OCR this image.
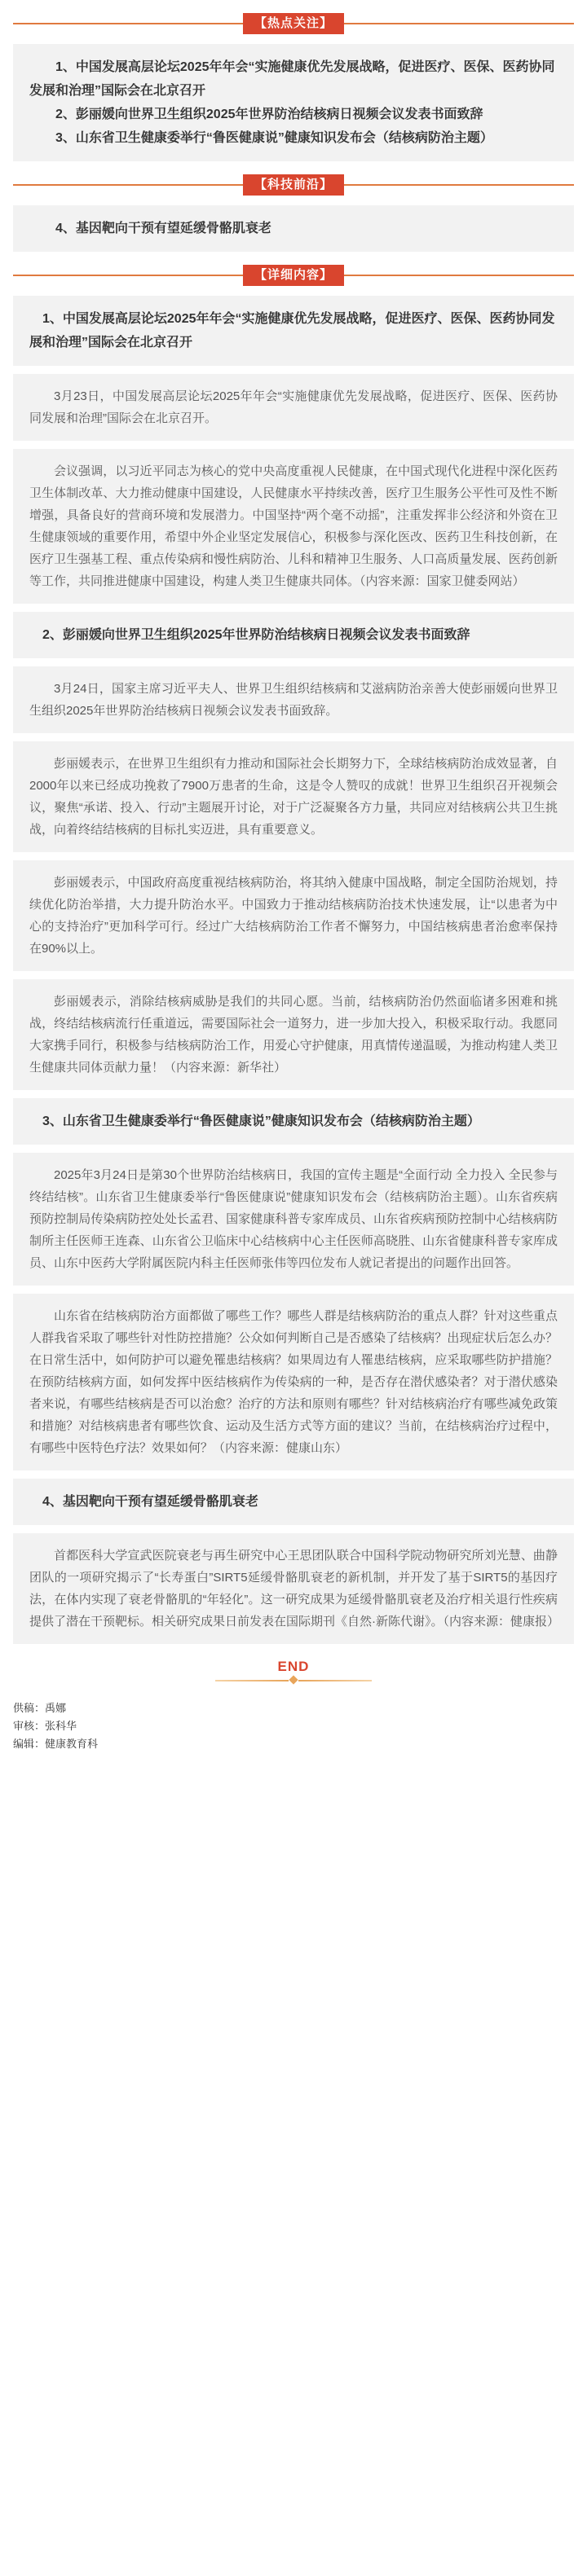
【热点关注】

1、中国发展高层论坛2025年年会“实施健康优先发展战略，促进医疗、医保、医药协同发展和治理”国际会在北京召开

2、彭丽媛向世界卫生组织2025年世界防治结核病日视频会议发表书面致辞

3、山东省卫生健康委举行“鲁医健康说”健康知识发布会（结核病防治主题）

【科技前沿】

4、基因靶向干预有望延缓骨骼肌衰老

【详细内容】

1、中国发展高层论坛2025年年会“实施健康优先发展战略，促进医疗、医保、医药协同发展和治理”国际会在北京召开

3月23日，中国发展高层论坛2025年年会“实施健康优先发展战略，促进医疗、医保、医药协同发展和治理”国际会在北京召开。

会议强调，以习近平同志为核心的党中央高度重视人民健康，在中国式现代化进程中深化医药卫生体制改革、大力推动健康中国建设，人民健康水平持续改善，医疗卫生服务公平性可及性不断增强，具备良好的营商环境和发展潜力。中国坚持“两个毫不动摇”，注重发挥非公经济和外资在卫生健康领域的重要作用，希望中外企业坚定发展信心，积极参与深化医改、医药卫生科技创新，在医疗卫生强基工程、重点传染病和慢性病防治、儿科和精神卫生服务、人口高质量发展、医药创新等工作，共同推进健康中国建设，构建人类卫生健康共同体。（内容来源：国家卫健委网站）

2、彭丽媛向世界卫生组织2025年世界防治结核病日视频会议发表书面致辞

3月24日，国家主席习近平夫人、世界卫生组织结核病和艾滋病防治亲善大使彭丽媛向世界卫生组织2025年世界防治结核病日视频会议发表书面致辞。

彭丽媛表示，在世界卫生组织有力推动和国际社会长期努力下，全球结核病防治成效显著，自2000年以来已经成功挽救了7900万患者的生命，这是令人赞叹的成就！世界卫生组织召开视频会议，聚焦“承诺、投入、行动”主题展开讨论，对于广泛凝聚各方力量，共同应对结核病公共卫生挑战，向着终结结核病的目标扎实迈进，具有重要意义。

彭丽媛表示，中国政府高度重视结核病防治，将其纳入健康中国战略，制定全国防治规划，持续优化防治举措，大力提升防治水平。中国致力于推动结核病防治技术快速发展，让“以患者为中心的支持治疗”更加科学可行。经过广大结核病防治工作者不懈努力，中国结核病患者治愈率保持在90%以上。

彭丽媛表示，消除结核病威胁是我们的共同心愿。当前，结核病防治仍然面临诸多困难和挑战，终结结核病流行任重道远，需要国际社会一道努力，进一步加大投入，积极采取行动。我愿同大家携手同行，积极参与结核病防治工作，用爱心守护健康，用真情传递温暖，为推动构建人类卫生健康共同体贡献力量！（内容来源：新华社）

3、山东省卫生健康委举行“鲁医健康说”健康知识发布会（结核病防治主题）

2025年3月24日是第30个世界防治结核病日，我国的宣传主题是“全面行动 全力投入 全民参与 终结结核”。山东省卫生健康委举行“鲁医健康说”健康知识发布会（结核病防治主题）。山东省疾病预防控制局传染病防控处处长孟君、国家健康科普专家库成员、山东省疾病预防控制中心结核病防制所主任医师王连森、山东省公卫临床中心结核病中心主任医师高晓胜、山东省健康科普专家库成员、山东中医药大学附属医院内科主任医师张伟等四位发布人就记者提出的问题作出回答。

山东省在结核病防治方面都做了哪些工作？哪些人群是结核病防治的重点人群？针对这些重点人群我省采取了哪些针对性防控措施？公众如何判断自己是否感染了结核病？出现症状后怎么办？在日常生活中，如何防护可以避免罹患结核病？如果周边有人罹患结核病，应采取哪些防护措施？在预防结核病方面，如何发挥中医结核病作为传染病的一种，是否存在潜伏感染者？对于潜伏感染者来说，有哪些结核病是否可以治愈？治疗的方法和原则有哪些？针对结核病治疗有哪些减免政策和措施？对结核病患者有哪些饮食、运动及生活方式等方面的建议？当前，在结核病治疗过程中，有哪些中医特色疗法？效果如何？（内容来源：健康山东）

4、基因靶向干预有望延缓骨骼肌衰老

首都医科大学宣武医院衰老与再生研究中心王思团队联合中国科学院动物研究所刘光慧、曲静团队的一项研究揭示了“长寿蛋白”SIRT5延缓骨骼肌衰老的新机制，并开发了基于SIRT5的基因疗法，在体内实现了衰老骨骼肌的“年轻化”。这一研究成果为延缓骨骼肌衰老及治疗相关退行性疾病提供了潜在干预靶标。相关研究成果日前发表在国际期刊《自然·新陈代谢》。（内容来源：健康报）

END
供稿：禹娜
审核：张科华
编辑：健康教育科
